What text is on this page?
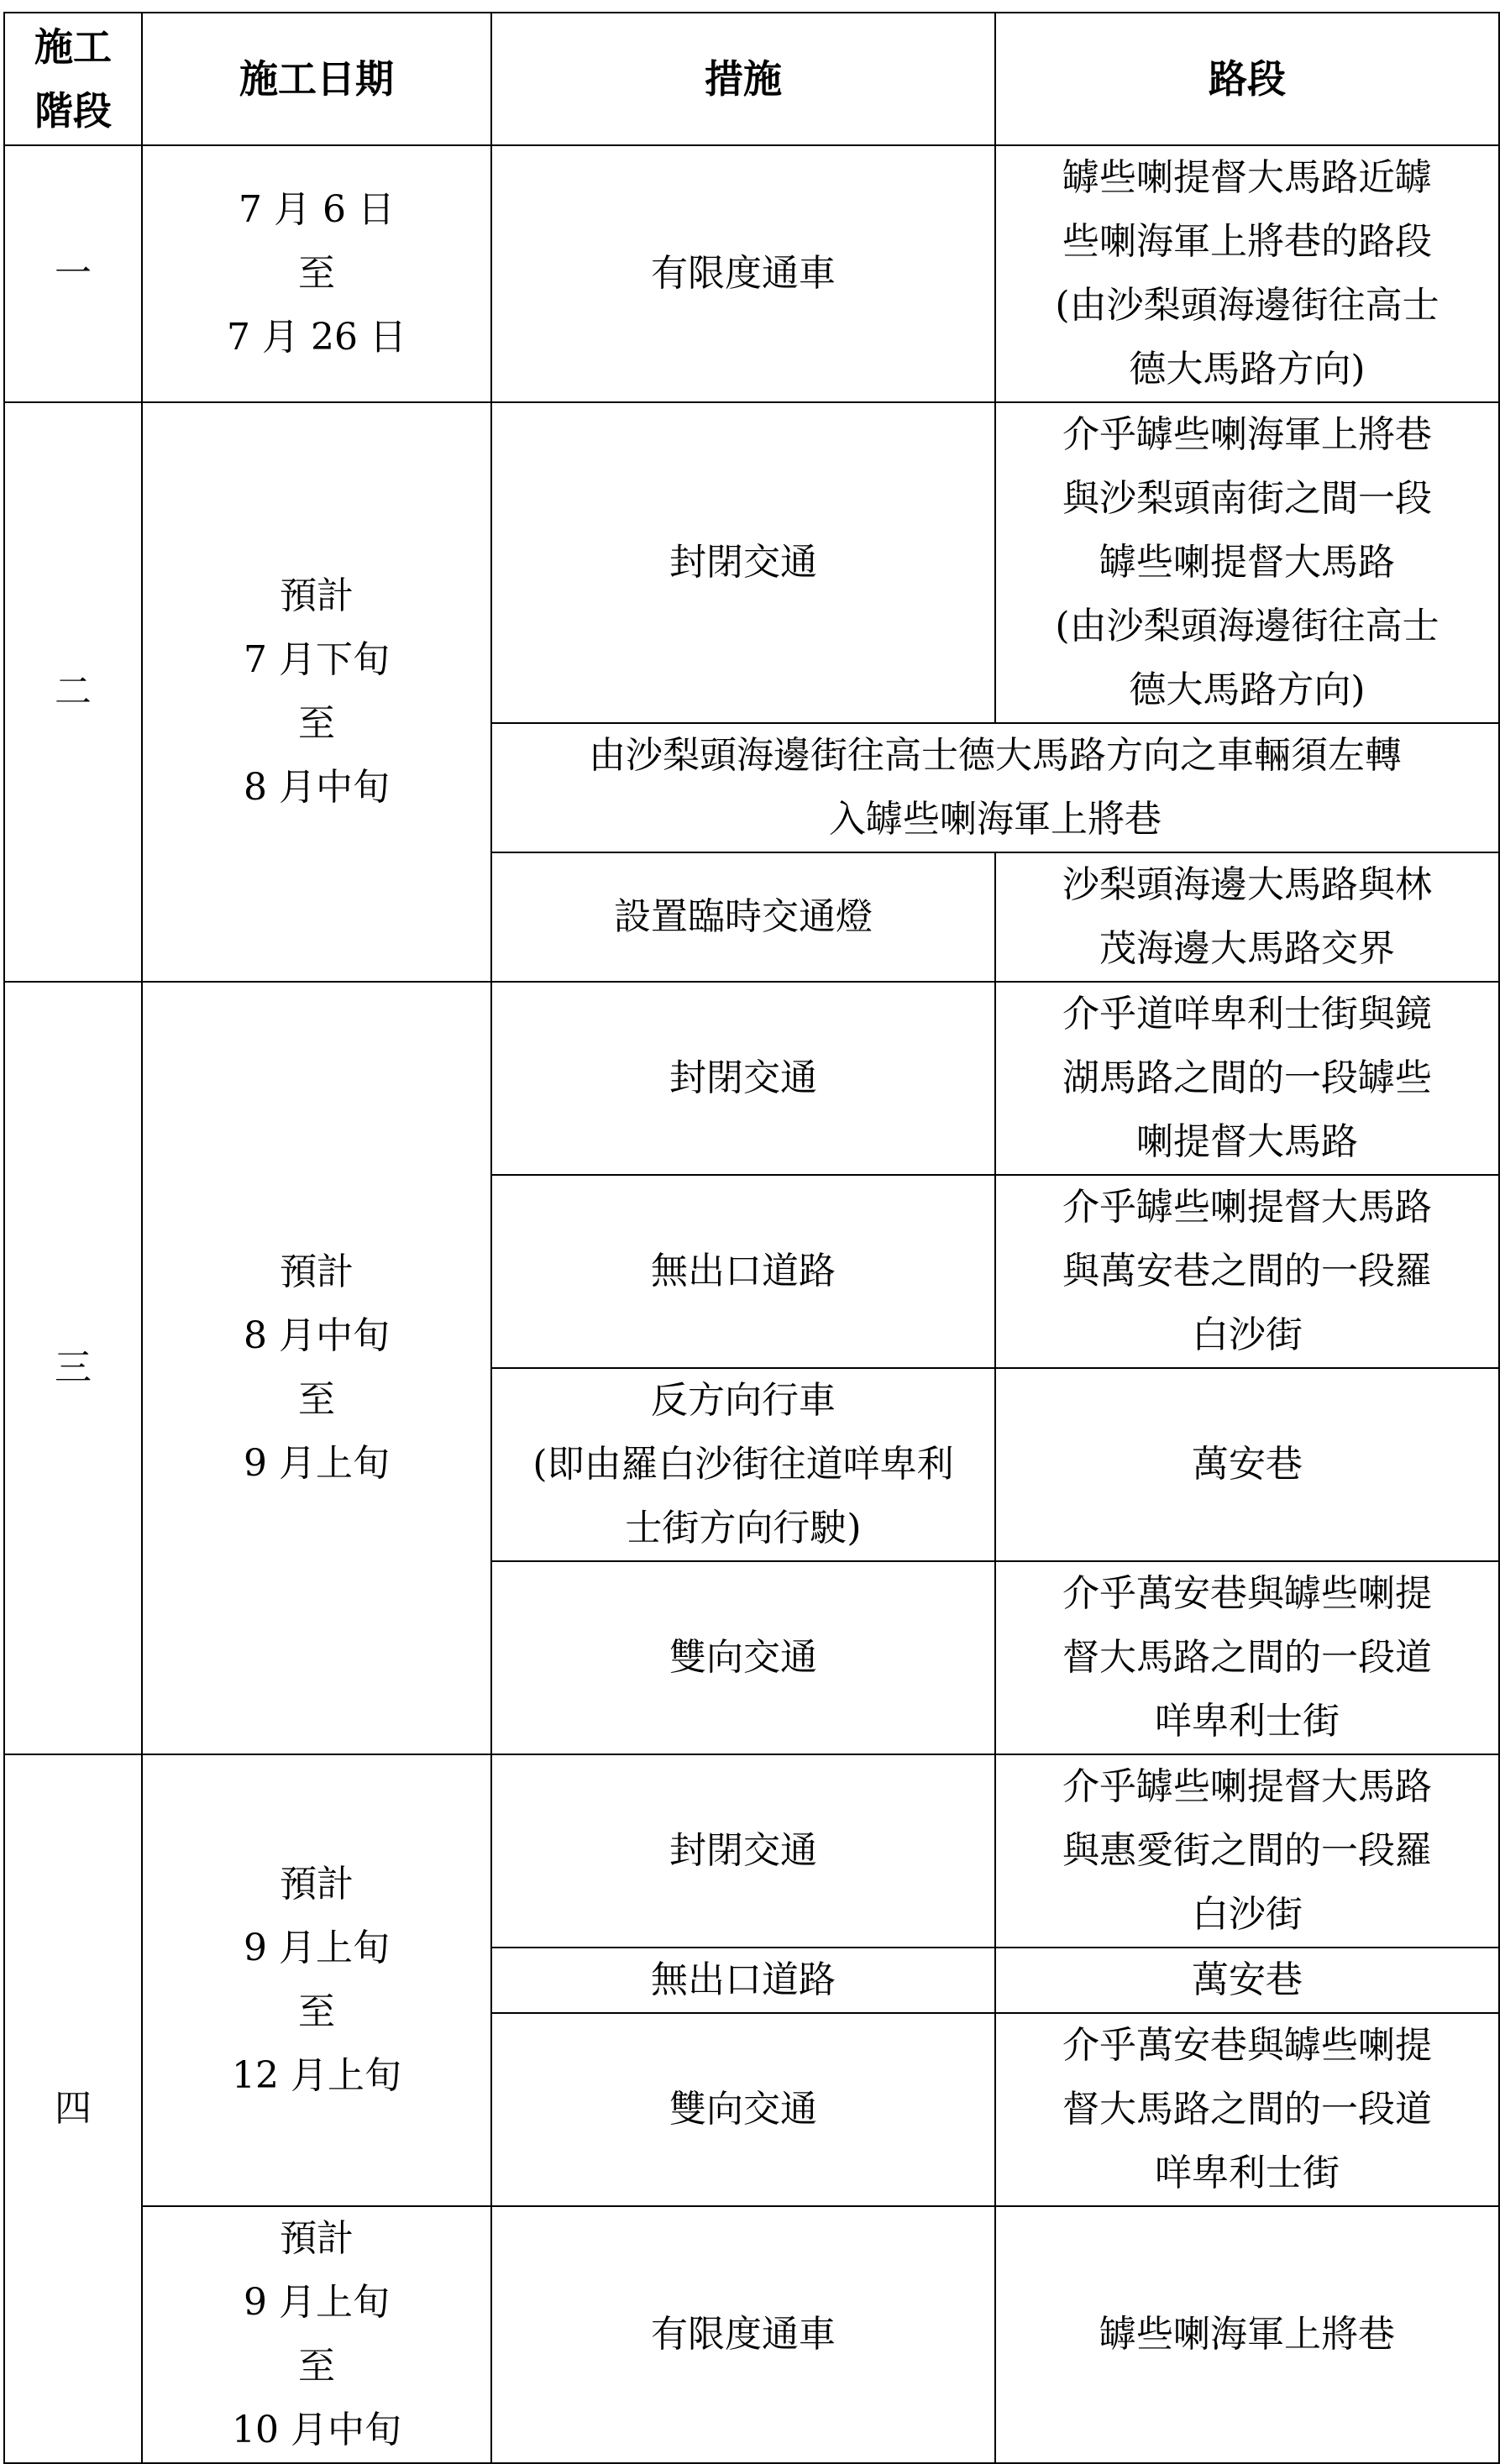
施工
階段	施工日期	措施	路段
一	7 月 6 日
至
7 月 26 日	有限度通車	罅些喇提督大馬路近罅
些喇海軍上將巷的路段
(由沙梨頭海邊街往高士
德大馬路方向)
二	預計
7 月下旬
至
8 月中旬	封閉交通	介乎罅些喇海軍上將巷
與沙梨頭南街之間一段
罅些喇提督大馬路
(由沙梨頭海邊街往高士
德大馬路方向)
		由沙梨頭海邊街往高士德大馬路方向之車輛須左轉
入罅些喇海軍上將巷	
		設置臨時交通燈	沙梨頭海邊大馬路與林
茂海邊大馬路交界
三	預計
8 月中旬
至
9 月上旬	封閉交通	介乎道咩卑利士街與鏡
湖馬路之間的一段罅些
喇提督大馬路
		無出口道路	介乎罅些喇提督大馬路
與萬安巷之間的一段羅
白沙街
		反方向行車
(即由羅白沙街往道咩卑利
士街方向行駛)	萬安巷
		雙向交通	介乎萬安巷與罅些喇提
督大馬路之間的一段道
咩卑利士街
四	預計
9 月上旬
至
12 月上旬	封閉交通	介乎罅些喇提督大馬路
與惠愛街之間的一段羅
白沙街
		無出口道路	萬安巷
		雙向交通	介乎萬安巷與罅些喇提
督大馬路之間的一段道
咩卑利士街
	預計
9 月上旬
至
10 月中旬	有限度通車	罅些喇海軍上將巷
